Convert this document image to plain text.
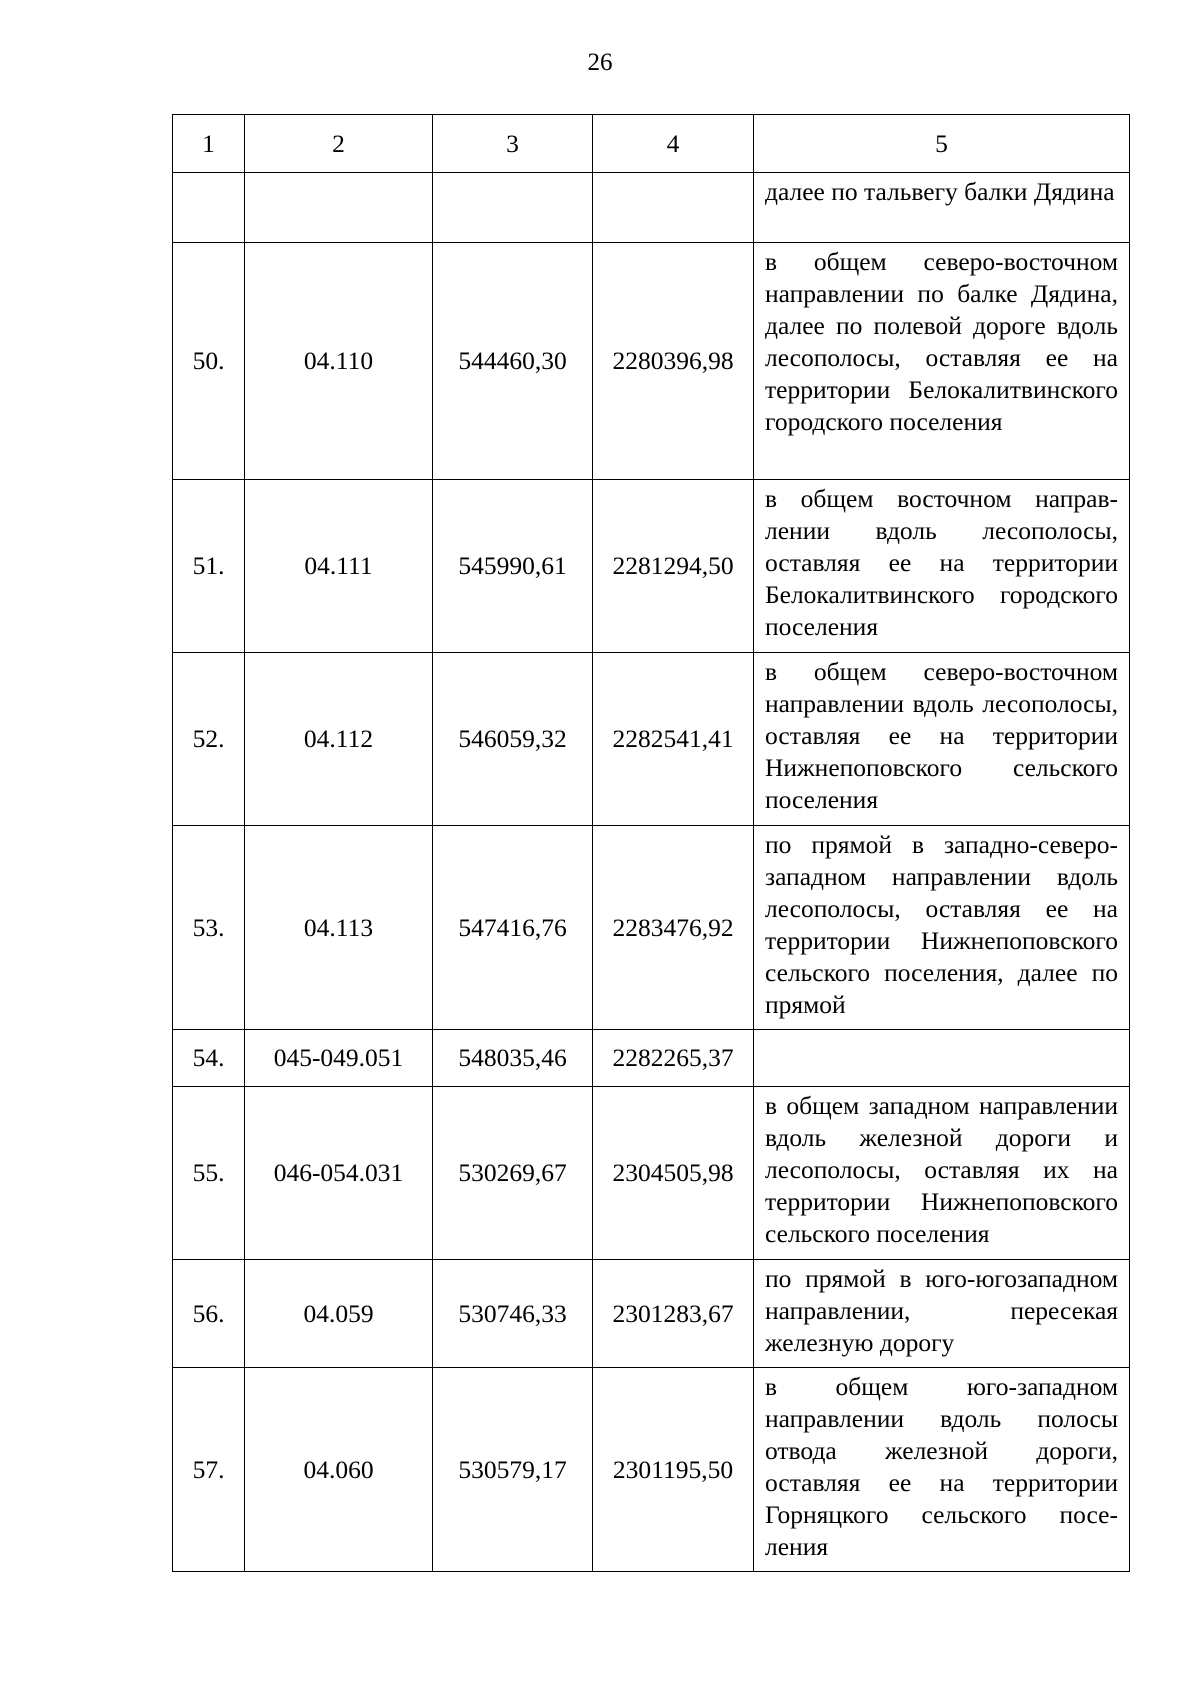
26
1	2	3	4	5
				далее по тальвегу балки Дядина
50.	04.110	544460,30	2280396,98	в общем северо-восточном направлении по балке Дядина, далее по полевой дороге вдоль лесополосы, оставляя ее на территории Белокалитвинского городского поселения
51.	04.111	545990,61	2281294,50	в общем восточном направлении вдоль лесополосы, оставляя ее на территории Белокалитвинского городского поселения
52.	04.112	546059,32	2282541,41	в общем северо-восточном направлении вдоль лесополосы, оставляя ее на территории Нижнепоповского сельского поселения
53.	04.113	547416,76	2283476,92	по прямой в западно-северозападном направлении вдоль лесополосы, оставляя ее на территории Нижнепоповского сельского поселения, далее по прямой
54.	045-049.051	548035,46	2282265,37	
55.	046-054.031	530269,67	2304505,98	в общем западном направлении вдоль железной дороги и лесополосы, оставляя их на территории Нижнепоповского сельского поселения
56.	04.059	530746,33	2301283,67	по прямой в юго-югозападном направлении, пересекая железную дорогу
57.	04.060	530579,17	2301195,50	в общем юго-западном направлении вдоль полосы отвода железной дороги, оставляя ее на территории Горняцкого сельского поселения
